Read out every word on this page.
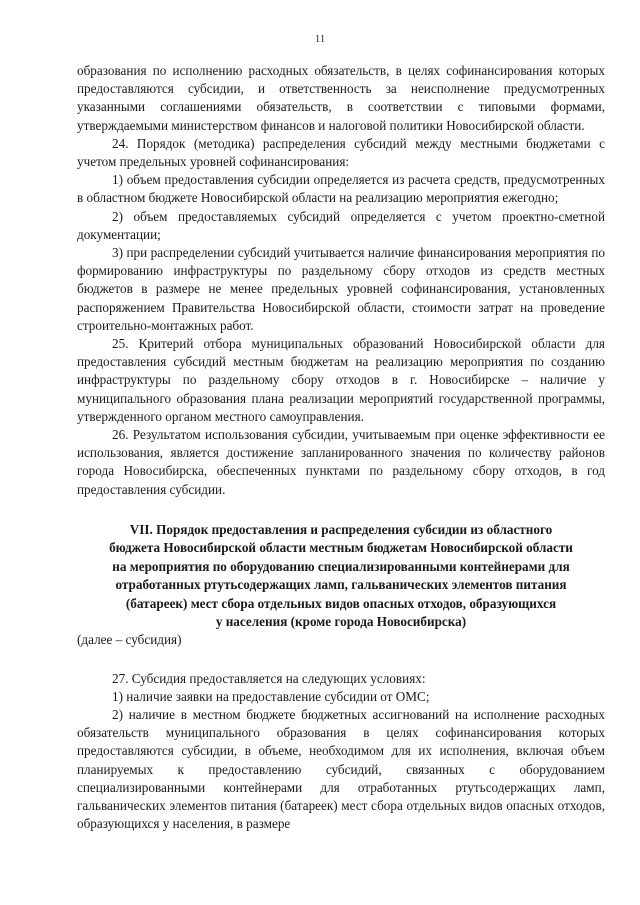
11

образования по исполнению расходных обязательств, в целях софинансирования которых предоставляются субсидии, и ответственность за неисполнение предусмотренных указанными соглашениями обязательств, в соответствии с типовыми формами, утверждаемыми министерством финансов и налоговой политики Новосибирской области.

24. Порядок (методика) распределения субсидий между местными бюджетами с учетом предельных уровней софинансирования:

1) объем предоставления субсидии определяется из расчета средств, предусмотренных в областном бюджете Новосибирской области на реализацию мероприятия ежегодно;

2) объем предоставляемых субсидий определяется с учетом проектно-сметной документации;

3) при распределении субсидий учитывается наличие финансирования мероприятия по формированию инфраструктуры по раздельному сбору отходов из средств местных бюджетов в размере не менее предельных уровней софинансирования, установленных распоряжением Правительства Новосибирской области, стоимости затрат на проведение строительно-монтажных работ.

25. Критерий отбора муниципальных образований Новосибирской области для предоставления субсидий местным бюджетам на реализацию мероприятия по созданию инфраструктуры по раздельному сбору отходов в г. Новосибирске – наличие у муниципального образования плана реализации мероприятий государственной программы, утвержденного органом местного самоуправления.

26. Результатом использования субсидии, учитываемым при оценке эффективности ее использования, является достижение запланированного значения по количеству районов города Новосибирска, обеспеченных пунктами по раздельному сбору отходов, в год предоставления субсидии.

VII. Порядок предоставления и распределения субсидии из областного
бюджета Новосибирской области местным бюджетам Новосибирской области
на мероприятия по оборудованию специализированными контейнерами для
отработанных ртутьсодержащих ламп, гальванических элементов питания
(батареек) мест сбора отдельных видов опасных отходов, образующихся
у населения (кроме города Новосибирска)

(далее – субсидия)

27. Субсидия предоставляется на следующих условиях:

1) наличие заявки на предоставление субсидии от ОМС;

2) наличие в местном бюджете бюджетных ассигнований на исполнение расходных обязательств муниципального образования в целях софинансирования которых предоставляются субсидии, в объеме, необходимом для их исполнения, включая объем планируемых к предоставлению субсидий, связанных с оборудованием специализированными контейнерами для отработанных ртутьсодержащих ламп, гальванических элементов питания (батареек) мест сбора отдельных видов опасных отходов, образующихся у населения, в размере
